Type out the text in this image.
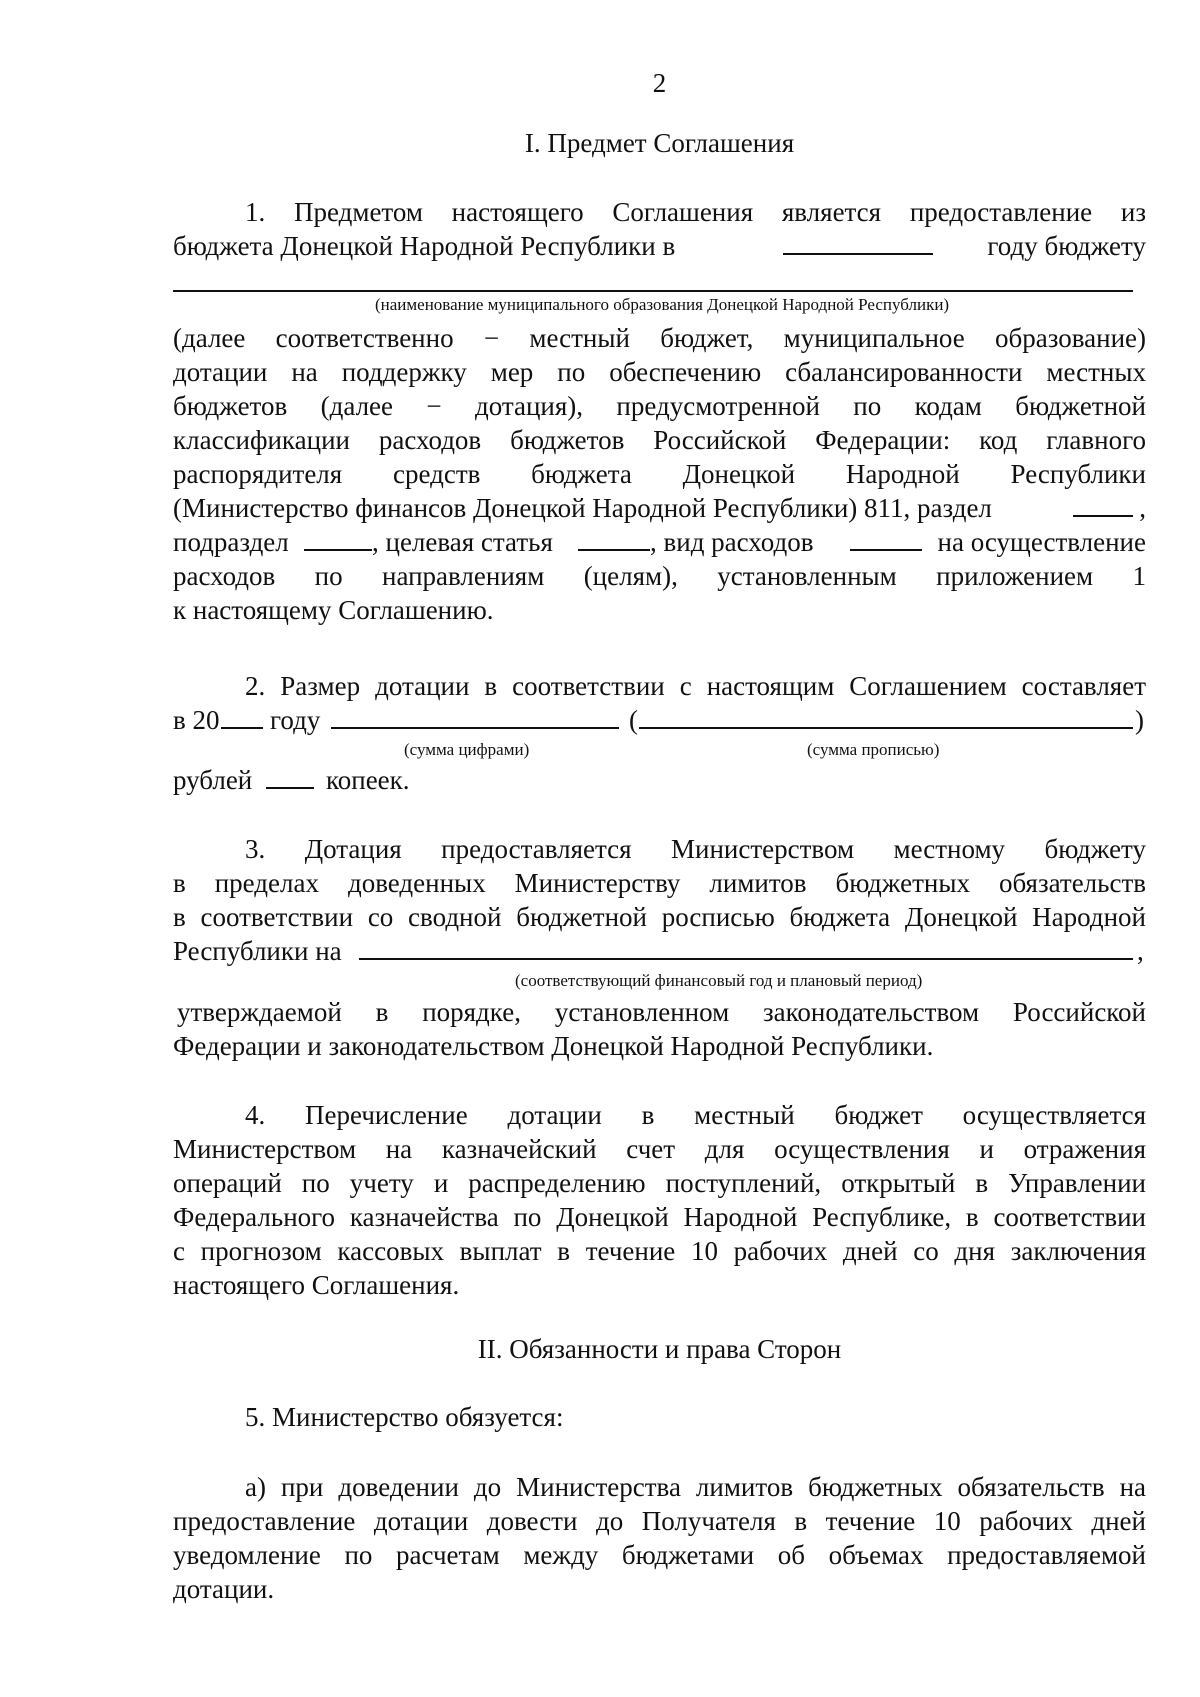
2
I. Предмет Соглашения
1. Предметом настоящего Соглашения является предоставление из
бюджета Донецкой Народной Республики в	году бюджету
(наименование муниципального образования Донецкой Народной Республики)
(далее соответственно − местный бюджет, муниципальное образование)
дотации на поддержку мер по обеспечению сбалансированности местных
бюджетов (далее − дотация), предусмотренной по кодам бюджетной
классификации расходов бюджетов Российской Федерации: код главного
распорядителя средств бюджета Донецкой Народной Республики
(Министерство финансов Донецкой Народной Республики) 811, раздел	,
подраздел	, целевая статья	, вид расходов	на осуществление
расходов по направлениям (целям), установленным приложением 1
к настоящему Соглашению.
2. Размер дотации в соответствии с настоящим Соглашением составляет
в 20 году	(	)
(сумма цифрами)	(сумма прописью)
рублей	копеек.
3. Дотация предоставляется Министерством местному бюджету
в пределах доведенных Министерству лимитов бюджетных обязательств
в соответствии со сводной бюджетной росписью бюджета Донецкой Народной
Республики на	,
(соответствующий финансовый год и плановый период)
утверждаемой в порядке, установленном законодательством Российской
Федерации и законодательством Донецкой Народной Республики.
4. Перечисление дотации в местный бюджет осуществляется
Министерством на казначейский счет для осуществления и отражения
операций по учету и распределению поступлений, открытый в Управлении
Федерального казначейства по Донецкой Народной Республике, в соответствии
с прогнозом кассовых выплат в течение 10 рабочих дней со дня заключения
настоящего Соглашения.
II. Обязанности и права Сторон
5. Министерство обязуется:
а) при доведении до Министерства лимитов бюджетных обязательств на
предоставление дотации довести до Получателя в течение 10 рабочих дней
уведомление по расчетам между бюджетами об объемах предоставляемой
дотации.
